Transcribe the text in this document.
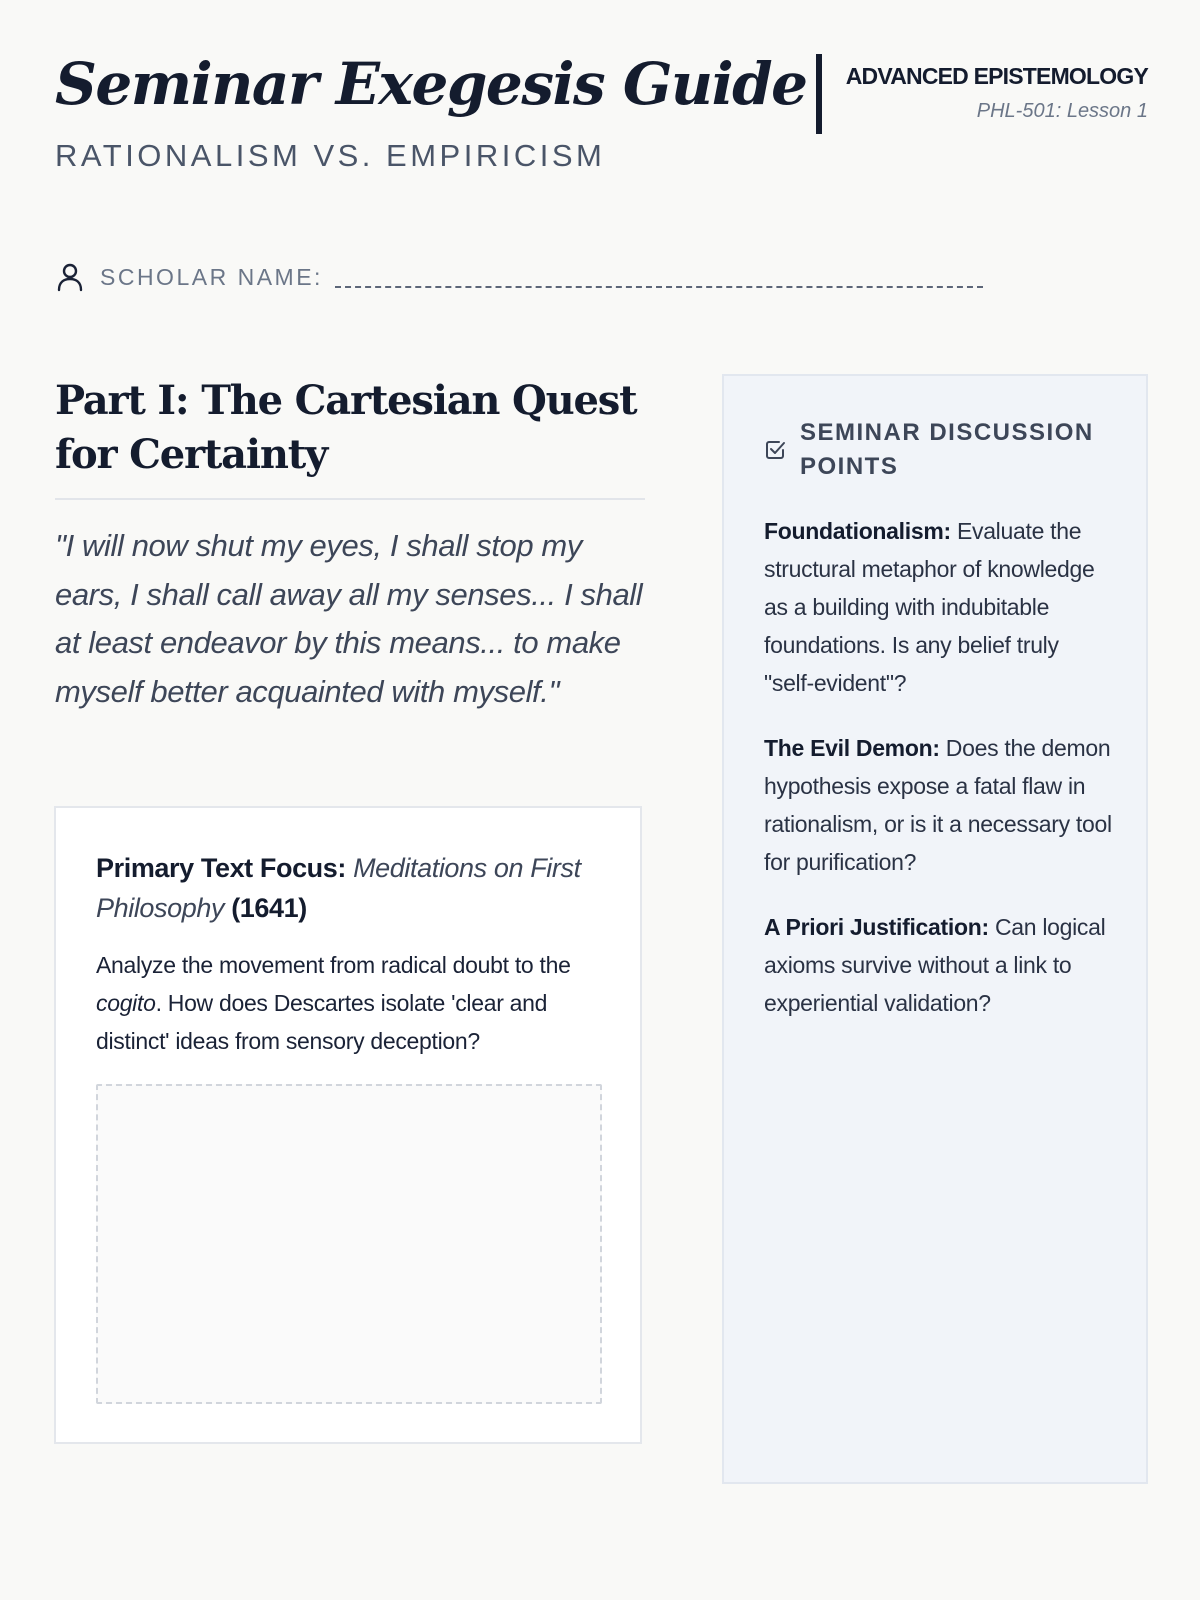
Seminar Exegesis Guide
RATIONALISM VS. EMPIRICISM
ADVANCED EPISTEMOLOGY
PHL-501: Lesson 1
SCHOLAR NAME:
Part I: The Cartesian Quest for Certainty

"I will now shut my eyes, I shall stop my ears, I shall call away all my senses... I shall at least endeavor by this means... to make myself better acquainted with myself."

Primary Text Focus: Meditations on First Philosophy (1641)

Analyze the movement from radical doubt to the cogito. How does Descartes isolate 'clear and distinct' ideas from sensory deception?

SEMINAR DISCUSSION POINTS

Foundationalism: Evaluate the structural metaphor of knowledge as a building with indubitable foundations. Is any belief truly "self-evident"?

The Evil Demon: Does the demon hypothesis expose a fatal flaw in rationalism, or is it a necessary tool for purification?

A Priori Justification: Can logical axioms survive without a link to experiential validation?
